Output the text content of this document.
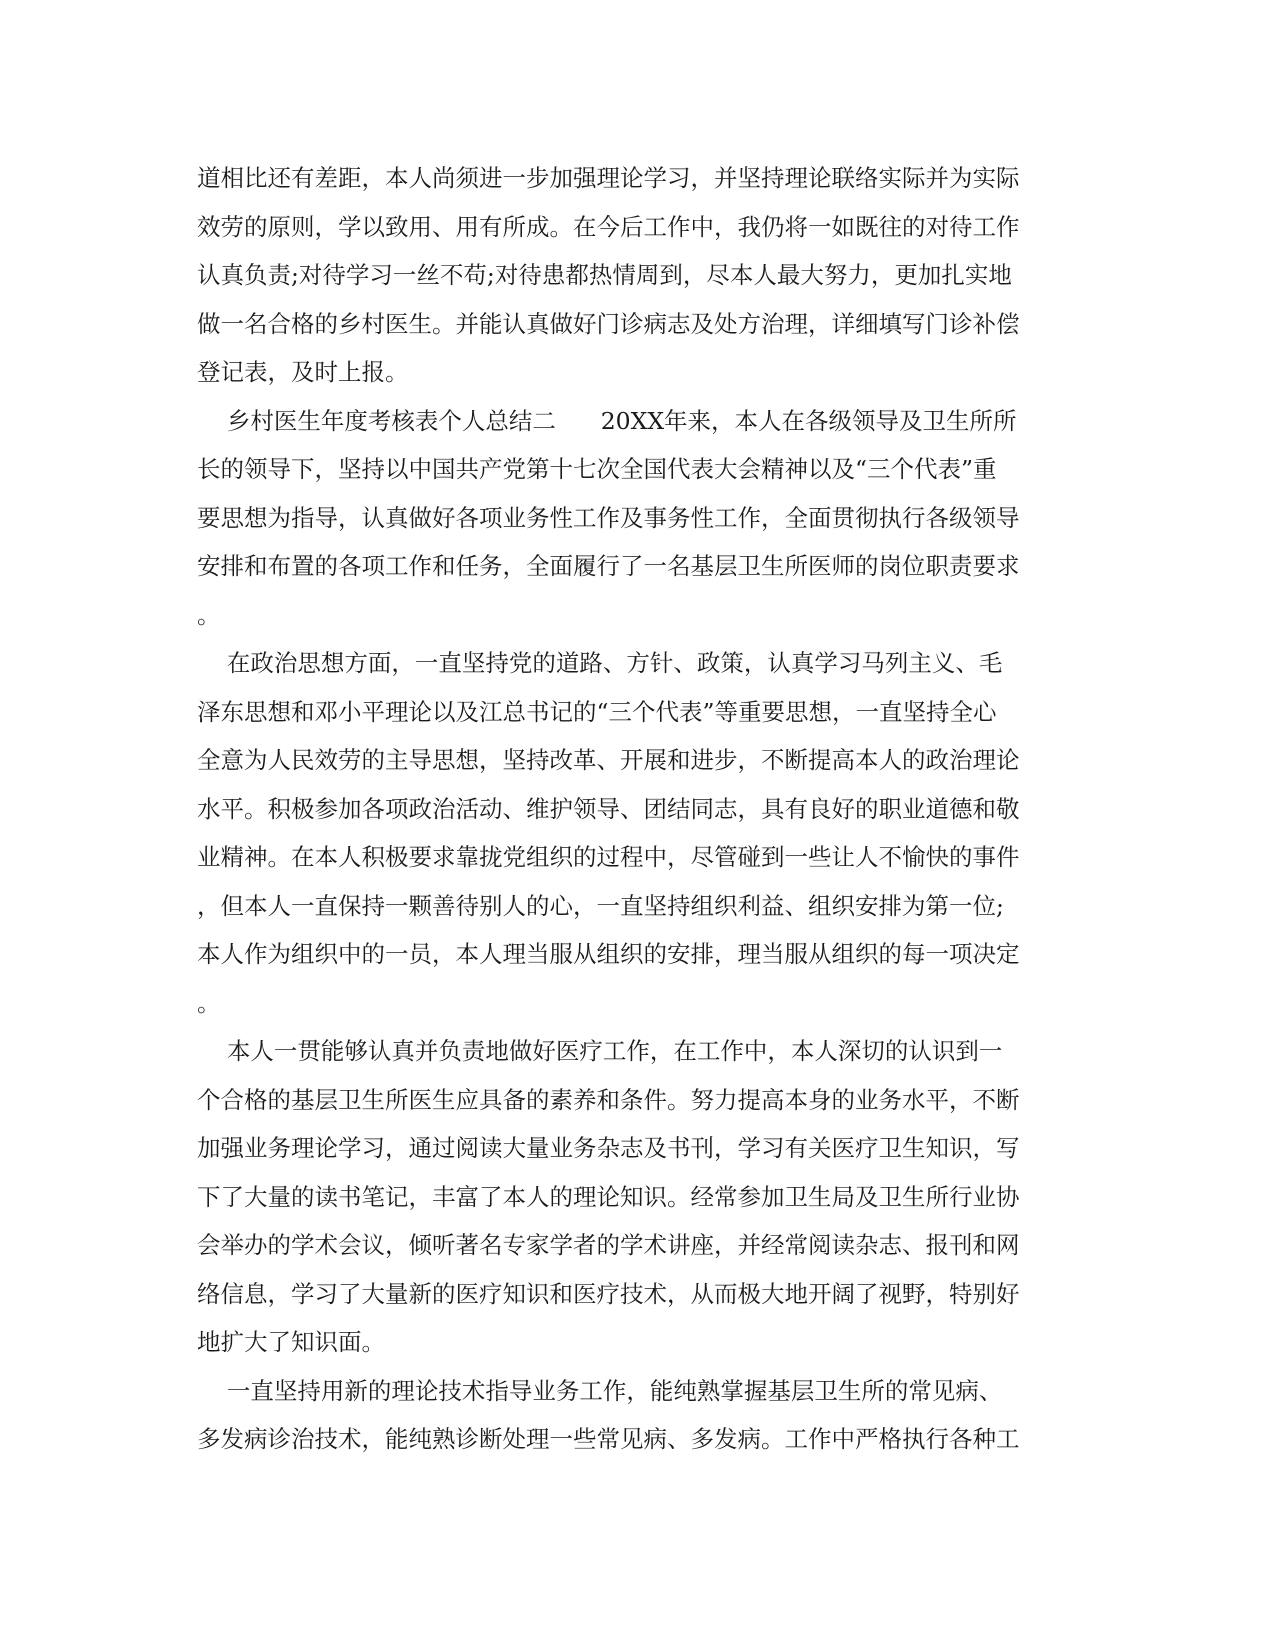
道相比还有差距，本人尚须进一步加强理论学习，并坚持理论联络实际并为实际
效劳的原则，学以致用、用有所成。在今后工作中，我仍将一如既往的对待工作
认真负责;对待学习一丝不苟;对待患都热情周到，尽本人最大努力，更加扎实地
做一名合格的乡村医生。并能认真做好门诊病志及处方治理，详细填写门诊补偿
登记表，及时上报。
乡村医生年度考核表个人总结二      20XX年来，本人在各级领导及卫生所所
长的领导下，坚持以中国共产党第十七次全国代表大会精神以及“三个代表”重
要思想为指导，认真做好各项业务性工作及事务性工作，全面贯彻执行各级领导
安排和布置的各项工作和任务，全面履行了一名基层卫生所医师的岗位职责要求
。
在政治思想方面，一直坚持党的道路、方针、政策，认真学习马列主义、毛
泽东思想和邓小平理论以及江总书记的“三个代表”等重要思想，一直坚持全心
全意为人民效劳的主导思想，坚持改革、开展和进步，不断提高本人的政治理论
水平。积极参加各项政治活动、维护领导、团结同志，具有良好的职业道德和敬
业精神。在本人积极要求靠拢党组织的过程中，尽管碰到一些让人不愉快的事件
，但本人一直保持一颗善待别人的心，一直坚持组织利益、组织安排为第一位;
本人作为组织中的一员，本人理当服从组织的安排，理当服从组织的每一项决定
。
本人一贯能够认真并负责地做好医疗工作，在工作中，本人深切的认识到一
个合格的基层卫生所医生应具备的素养和条件。努力提高本身的业务水平，不断
加强业务理论学习，通过阅读大量业务杂志及书刊，学习有关医疗卫生知识，写
下了大量的读书笔记，丰富了本人的理论知识。经常参加卫生局及卫生所行业协
会举办的学术会议，倾听著名专家学者的学术讲座，并经常阅读杂志、报刊和网
络信息，学习了大量新的医疗知识和医疗技术，从而极大地开阔了视野，特别好
地扩大了知识面。
一直坚持用新的理论技术指导业务工作，能纯熟掌握基层卫生所的常见病、
多发病诊治技术，能纯熟诊断处理一些常见病、多发病。工作中严格执行各种工
